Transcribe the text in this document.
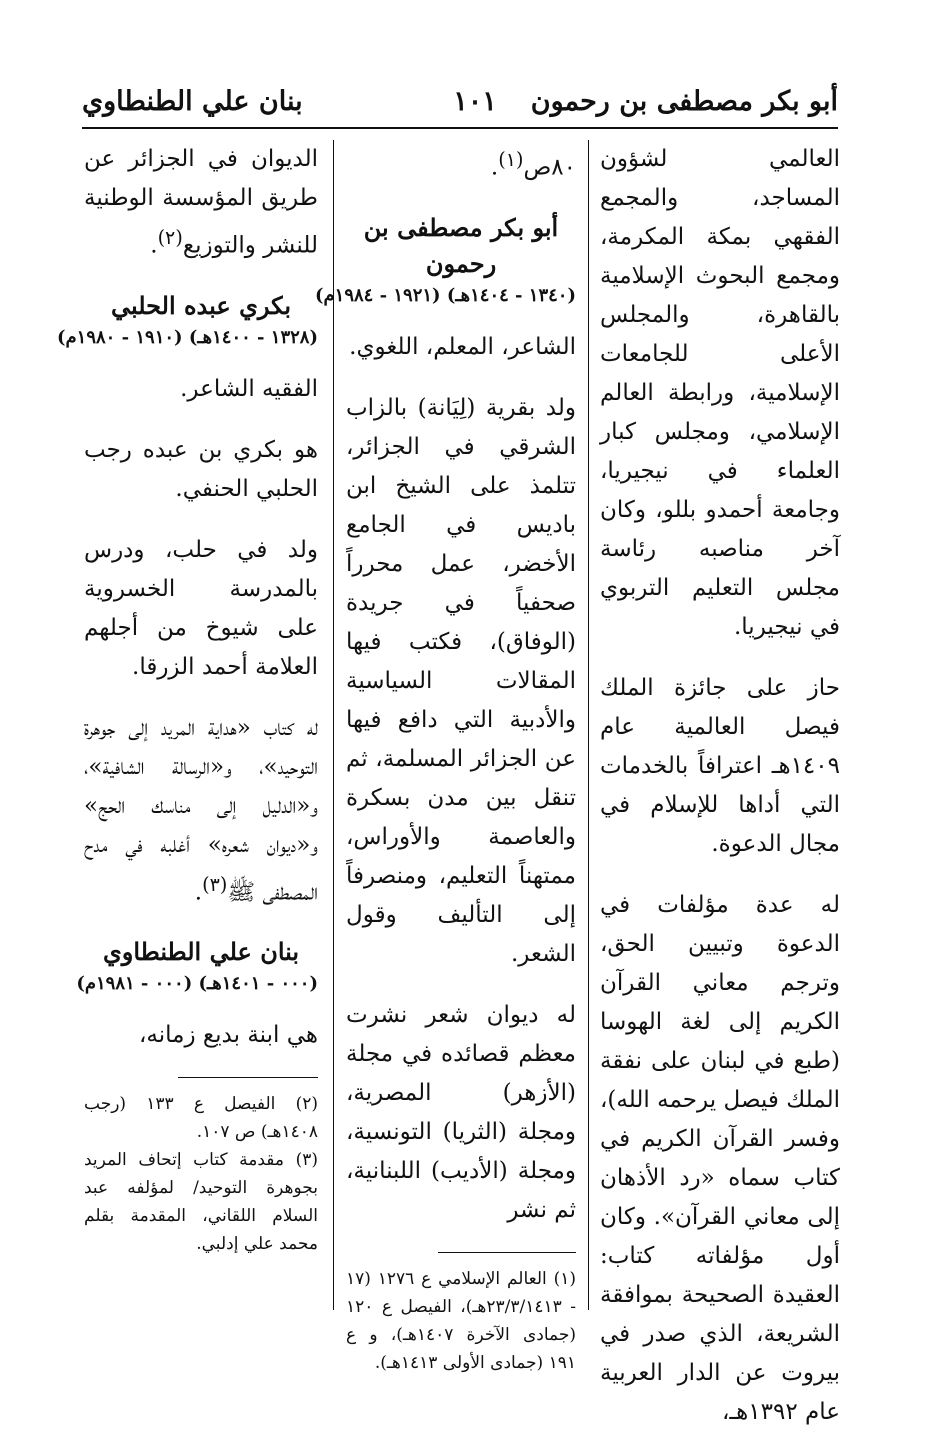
أبو بكر مصطفى بن رحمون
١٠١
بنان علي الطنطاوي

العالمي لشؤون المساجد، والمجمع الفقهي بمكة المكرمة، ومجمع البحوث الإسلامية بالقاهرة، والمجلس الأعلى للجامعات الإسلامية، ورابطة العالم الإسلامي، ومجلس كبار العلماء في نيجيريا، وجامعة أحمدو بللو، وكان آخر مناصبه رئاسة مجلس التعليم التربوي في نيجيريا.

حاز على جائزة الملك فيصل العالمية عام ١٤٠٩هـ اعترافاً بالخدمات التي أداها للإسلام في مجال الدعوة.

له عدة مؤلفات في الدعوة وتبيين الحق، وترجم معاني القرآن الكريم إلى لغة الهوسا (طبع في لبنان على نفقة الملك فيصل يرحمه الله)، وفسر القرآن الكريم في كتاب سماه «رد الأذهان إلى معاني القرآن». وكان أول مؤلفاته كتاب: العقيدة الصحيحة بموافقة الشريعة، الذي صدر في بيروت عن الدار العربية عام ١٣٩٢هـ،

٨٠ص$^{(١)}$.

أبو بكر مصطفى بن رحمون
(١٣٤٠ - ١٤٠٤هـ) (١٩٢١ - ١٩٨٤م)

الشاعر، المعلم، اللغوي.

ولد بقرية (لِيَانة) بالزاب الشرقي في الجزائر، تتلمذ على الشيخ ابن باديس في الجامع الأخضر، عمل محرراً صحفياً في جريدة (الوفاق)، فكتب فيها المقالات السياسية والأدبية التي دافع فيها عن الجزائر المسلمة، ثم تنقل بين مدن بسكرة والعاصمة والأوراس، ممتهناً التعليم، ومنصرفاً إلى التأليف وقول الشعر.

له ديوان شعر نشرت معظم قصائده في مجلة (الأزهر) المصرية، ومجلة (الثريا) التونسية، ومجلة (الأديب) اللبنانية، ثم نشر

(١) العالم الإسلامي ع ١٢٧٦ (١٧ - ٢٣/٣/١٤١٣هـ)، الفيصل ع ١٢٠ (جمادى الآخرة ١٤٠٧هـ)، و ع ١٩١ (جمادى الأولى ١٤١٣هـ).

الديوان في الجزائر عن طريق المؤسسة الوطنية للنشر والتوزيع$^{(٢)}$.

بكري عبده الحلبي
(١٣٢٨ - ١٤٠٠هـ) (١٩١٠ - ١٩٨٠م)

الفقيه الشاعر.

هو بكري بن عبده رجب الحلبي الحنفي.

ولد في حلب، ودرس بالمدرسة الخسروية على شيوخ من أجلهم العلامة أحمد الزرقا.

له كتاب «هداية المريد إلى جوهرة التوحيد»، و«الرسالة الشافية»، و«الدليل إلى مناسك الحج» و«ديوان شعره» أغلبه في مدح المصطفى ﷺ$^{(٣)}$.

بنان علي الطنطاوي
(٠٠٠ - ١٤٠١هـ) (٠٠٠ - ١٩٨١م)

هي ابنة بديع زمانه،

(٢) الفيصل ع ١٣٣ (رجب ١٤٠٨هـ) ص ١٠٧.

(٣) مقدمة كتاب إتحاف المريد بجوهرة التوحيد/ لمؤلفه عبد السلام اللقاني، المقدمة بقلم محمد علي إدلبي.
